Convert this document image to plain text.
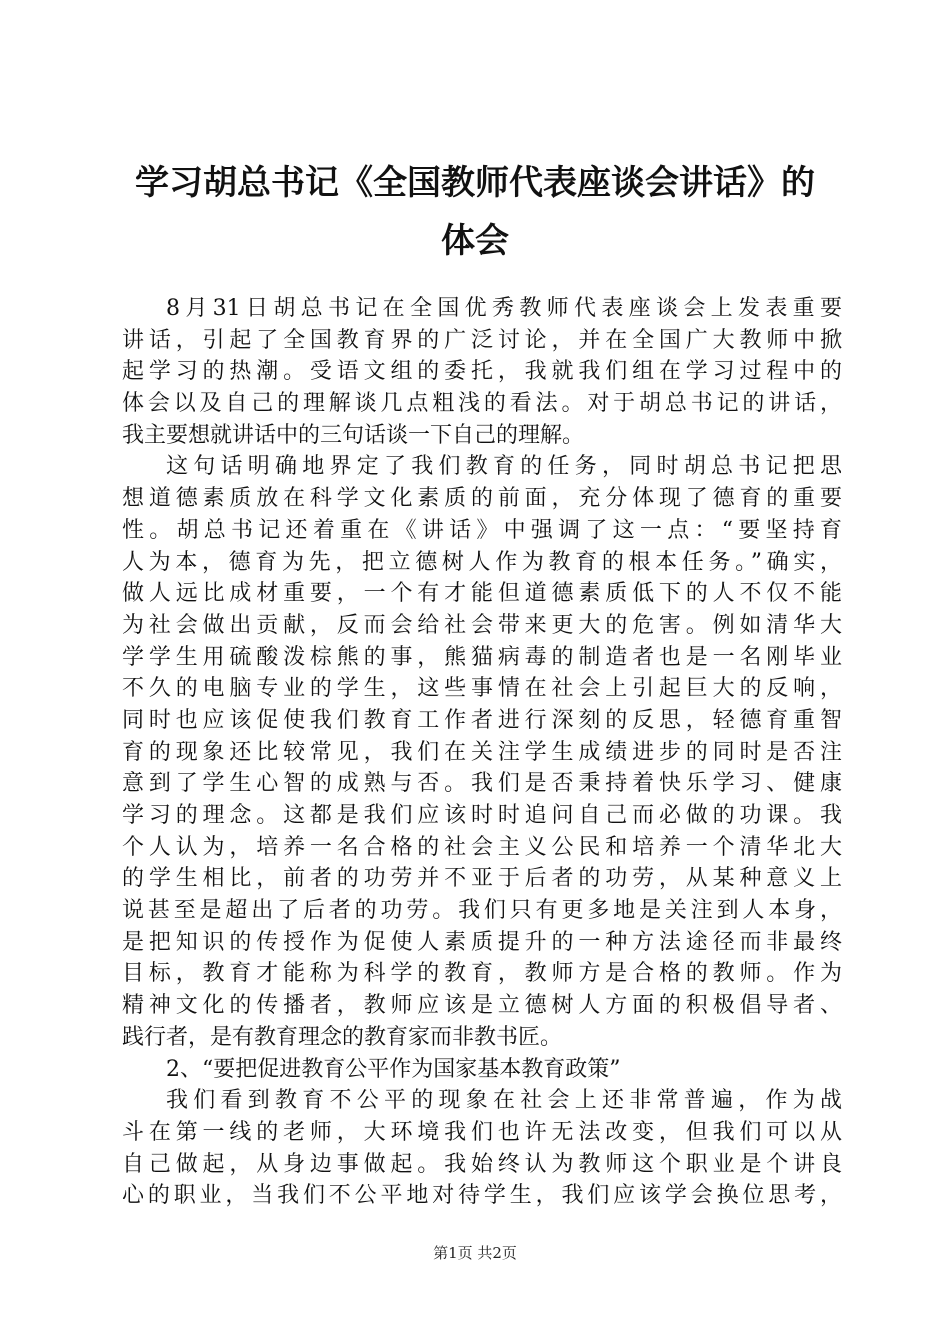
学习胡总书记《全国教师代表座谈会讲话》的
体会
8月31日胡总书记在全国优秀教师代表座谈会上发表重要
讲话，引起了全国教育界的广泛讨论，并在全国广大教师中掀
起学习的热潮。受语文组的委托，我就我们组在学习过程中的
体会以及自己的理解谈几点粗浅的看法。对于胡总书记的讲话，
我主要想就讲话中的三句话谈一下自己的理解。
这句话明确地界定了我们教育的任务，同时胡总书记把思
想道德素质放在科学文化素质的前面，充分体现了德育的重要
性。胡总书记还着重在《讲话》中强调了这一点：“要坚持育
人为本，德育为先，把立德树人作为教育的根本任务。”确实，
做人远比成材重要，一个有才能但道德素质低下的人不仅不能
为社会做出贡献，反而会给社会带来更大的危害。例如清华大
学学生用硫酸泼棕熊的事，熊猫病毒的制造者也是一名刚毕业
不久的电脑专业的学生，这些事情在社会上引起巨大的反响，
同时也应该促使我们教育工作者进行深刻的反思，轻德育重智
育的现象还比较常见，我们在关注学生成绩进步的同时是否注
意到了学生心智的成熟与否。我们是否秉持着快乐学习、健康
学习的理念。这都是我们应该时时追问自己而必做的功课。我
个人认为，培养一名合格的社会主义公民和培养一个清华北大
的学生相比，前者的功劳并不亚于后者的功劳，从某种意义上
说甚至是超出了后者的功劳。我们只有更多地是关注到人本身，
是把知识的传授作为促使人素质提升的一种方法途径而非最终
目标，教育才能称为科学的教育，教师方是合格的教师。作为
精神文化的传播者，教师应该是立德树人方面的积极倡导者、
践行者，是有教育理念的教育家而非教书匠。
2、“要把促进教育公平作为国家基本教育政策”
我们看到教育不公平的现象在社会上还非常普遍，作为战
斗在第一线的老师，大环境我们也许无法改变，但我们可以从
自己做起，从身边事做起。我始终认为教师这个职业是个讲良
心的职业，当我们不公平地对待学生，我们应该学会换位思考，
第1页 共2页
